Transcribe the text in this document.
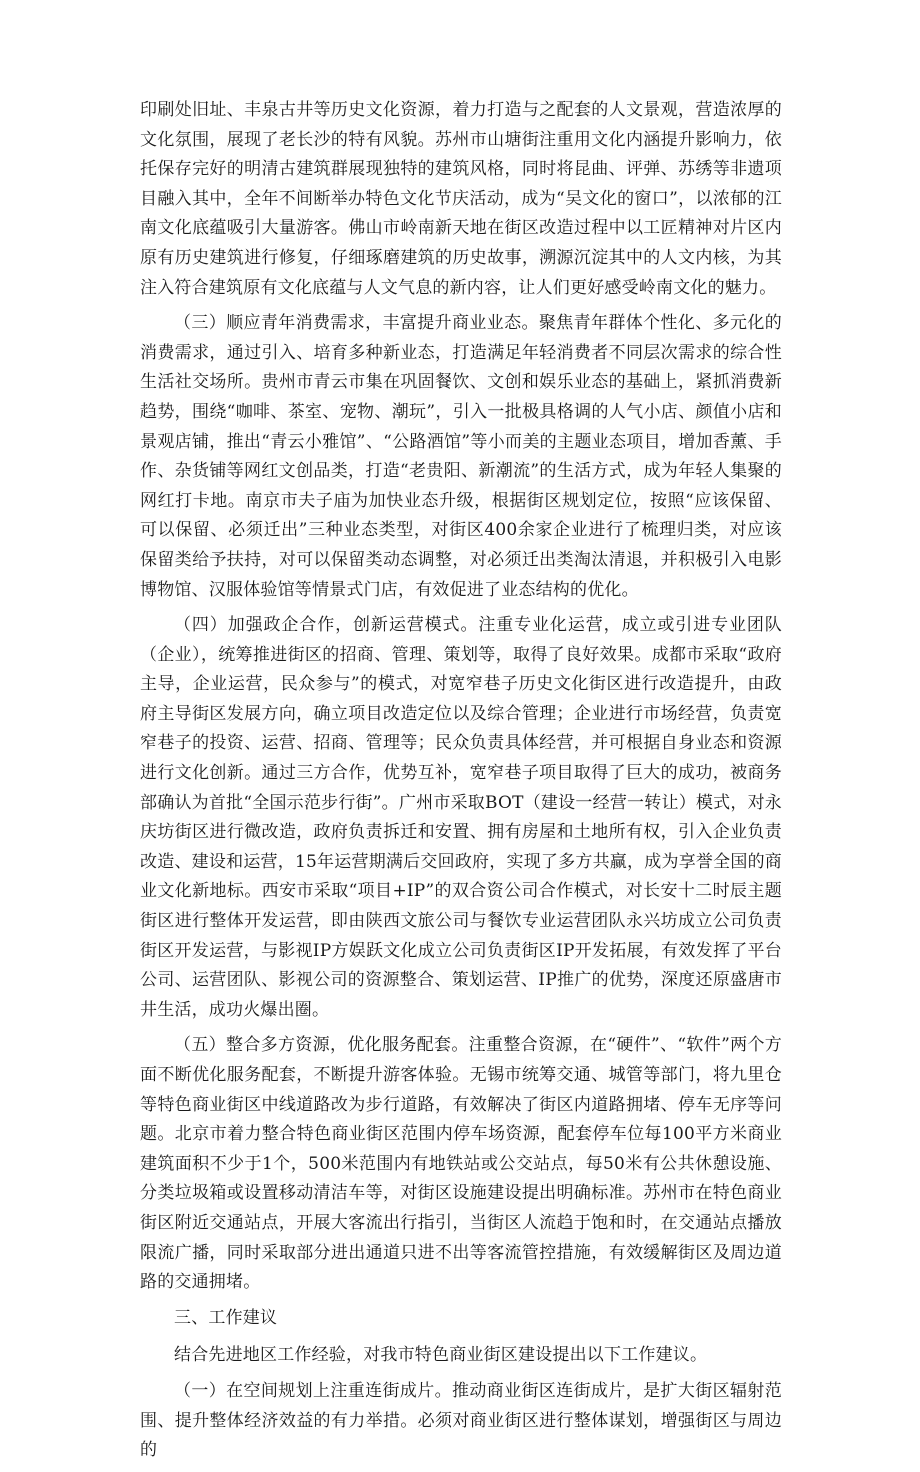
印刷处旧址、丰泉古井等历史文化资源，着力打造与之配套的人文景观，营造浓厚的文化氛围，展现了老长沙的特有风貌。苏州市山塘街注重用文化内涵提升影响力，依托保存完好的明清古建筑群展现独特的建筑风格，同时将昆曲、评弹、苏绣等非遗项目融入其中，全年不间断举办特色文化节庆活动，成为“吴文化的窗口”，以浓郁的江南文化底蕴吸引大量游客。佛山市岭南新天地在街区改造过程中以工匠精神对片区内原有历史建筑进行修复，仔细琢磨建筑的历史故事，溯源沉淀其中的人文内核，为其注入符合建筑原有文化底蕴与人文气息的新内容，让人们更好感受岭南文化的魅力。

（三）顺应青年消费需求，丰富提升商业业态。聚焦青年群体个性化、多元化的消费需求，通过引入、培育多种新业态，打造满足年轻消费者不同层次需求的综合性生活社交场所。贵州市青云市集在巩固餐饮、文创和娱乐业态的基础上，紧抓消费新趋势，围绕“咖啡、茶室、宠物、潮玩”，引入一批极具格调的人气小店、颜值小店和景观店铺，推出“青云小雅馆”、“公路酒馆”等小而美的主题业态项目，增加香薰、手作、杂货铺等网红文创品类，打造“老贵阳、新潮流”的生活方式，成为年轻人集聚的网红打卡地。南京市夫子庙为加快业态升级，根据街区规划定位，按照“应该保留、可以保留、必须迁出”三种业态类型，对街区400余家企业进行了梳理归类，对应该保留类给予扶持，对可以保留类动态调整，对必须迁出类淘汰清退，并积极引入电影博物馆、汉服体验馆等情景式门店，有效促进了业态结构的优化。

（四）加强政企合作，创新运营模式。注重专业化运营，成立或引进专业团队（企业），统筹推进街区的招商、管理、策划等，取得了良好效果。成都市采取“政府主导，企业运营，民众参与”的模式，对宽窄巷子历史文化街区进行改造提升，由政府主导街区发展方向，确立项目改造定位以及综合管理；企业进行市场经营，负责宽窄巷子的投资、运营、招商、管理等；民众负责具体经营，并可根据自身业态和资源进行文化创新。通过三方合作，优势互补，宽窄巷子项目取得了巨大的成功，被商务部确认为首批“全国示范步行街”。广州市采取BOT（建设一经营一转让）模式，对永庆坊街区进行微改造，政府负责拆迁和安置、拥有房屋和土地所有权，引入企业负责改造、建设和运营，15年运营期满后交回政府，实现了多方共赢，成为享誉全国的商业文化新地标。西安市采取“项目+IP”的双合资公司合作模式，对长安十二时辰主题街区进行整体开发运营，即由陕西文旅公司与餐饮专业运营团队永兴坊成立公司负责街区开发运营，与影视IP方娱跃文化成立公司负责街区IP开发拓展，有效发挥了平台公司、运营团队、影视公司的资源整合、策划运营、IP推广的优势，深度还原盛唐市井生活，成功火爆出圈。

（五）整合多方资源，优化服务配套。注重整合资源，在“硬件”、“软件”两个方面不断优化服务配套，不断提升游客体验。无锡市统筹交通、城管等部门，将九里仓等特色商业街区中线道路改为步行道路，有效解决了街区内道路拥堵、停车无序等问题。北京市着力整合特色商业街区范围内停车场资源，配套停车位每100平方米商业建筑面积不少于1个，500米范围内有地铁站或公交站点，每50米有公共休憩设施、分类垃圾箱或设置移动清洁车等，对街区设施建设提出明确标准。苏州市在特色商业街区附近交通站点，开展大客流出行指引，当街区人流趋于饱和时，在交通站点播放限流广播，同时采取部分进出通道只进不出等客流管控措施，有效缓解街区及周边道路的交通拥堵。

三、工作建议

结合先进地区工作经验，对我市特色商业街区建设提出以下工作建议。

（一）在空间规划上注重连街成片。推动商业街区连街成片，是扩大街区辐射范围、提升整体经济效益的有力举措。必须对商业街区进行整体谋划，增强街区与周边的
